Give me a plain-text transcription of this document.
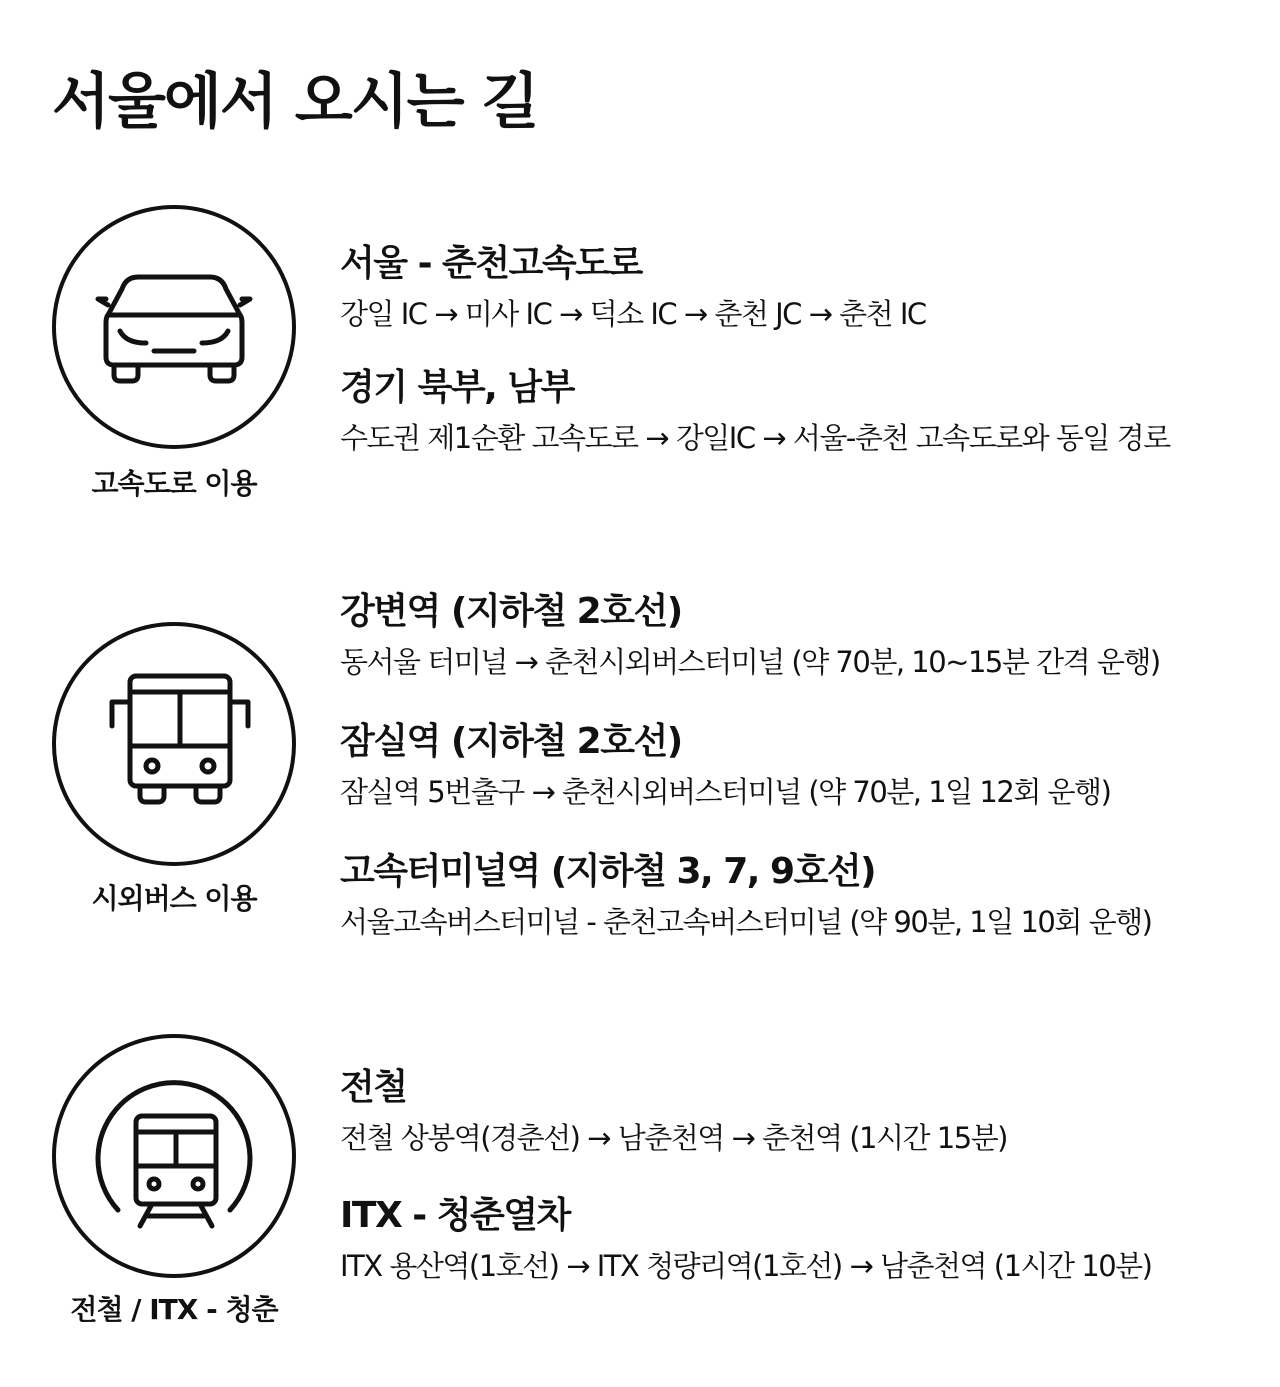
서울에서 오시는 길
고속도로 이용
서울 - 춘천고속도로

강일 IC → 미사 IC → 덕소 IC → 춘천 JC → 춘천 IC

경기 북부, 남부

수도권 제1순환 고속도로 → 강일IC → 서울-춘천 고속도로와 동일 경로

시외버스 이용
강변역 (지하철 2호선)

동서울 터미널 → 춘천시외버스터미널 (약 70분, 10~15분 간격 운행)

잠실역 (지하철 2호선)

잠실역 5번출구 → 춘천시외버스터미널 (약 70분, 1일 12회 운행)

고속터미널역 (지하철 3, 7, 9호선)

서울고속버스터미널 - 춘천고속버스터미널 (약 90분, 1일 10회 운행)

전철 / ITX - 청춘
전철

전철 상봉역(경춘선) → 남춘천역 → 춘천역 (1시간 15분)

ITX - 청춘열차

ITX 용산역(1호선) → ITX 청량리역(1호선) → 남춘천역 (1시간 10분)
